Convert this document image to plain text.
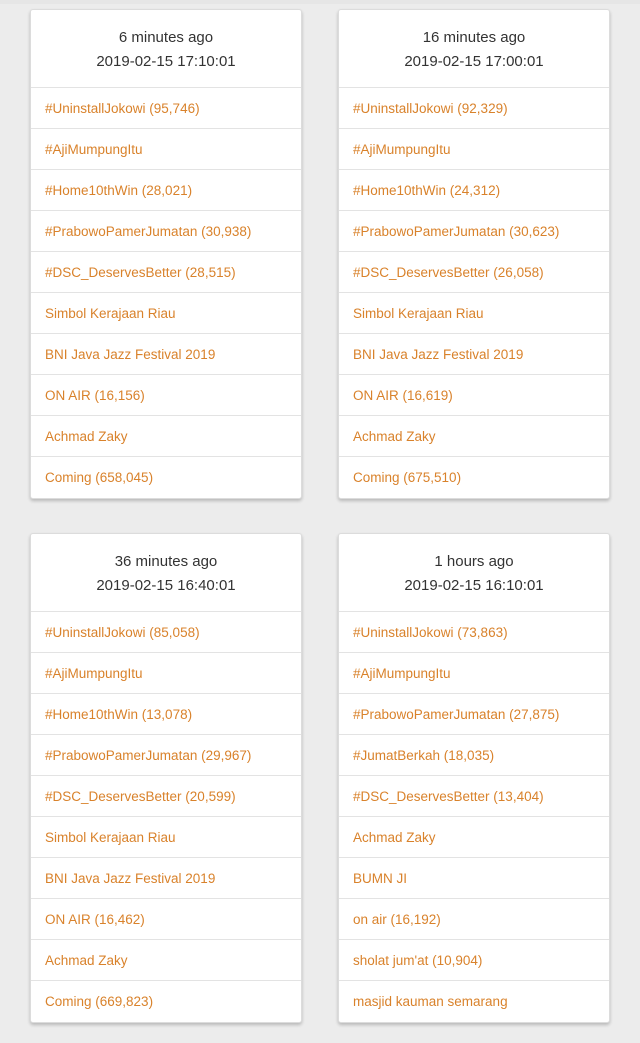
6 minutes ago
2019-02-15 17:10:01
#UninstallJokowi (95,746)
#AjiMumpungItu
#Home10thWin (28,021)
#PrabowoPamerJumatan (30,938)
#DSC_DeservesBetter (28,515)
Simbol Kerajaan Riau
BNI Java Jazz Festival 2019
ON AIR (16,156)
Achmad Zaky
Coming (658,045)
16 minutes ago
2019-02-15 17:00:01
#UninstallJokowi (92,329)
#AjiMumpungItu
#Home10thWin (24,312)
#PrabowoPamerJumatan (30,623)
#DSC_DeservesBetter (26,058)
Simbol Kerajaan Riau
BNI Java Jazz Festival 2019
ON AIR (16,619)
Achmad Zaky
Coming (675,510)
36 minutes ago
2019-02-15 16:40:01
#UninstallJokowi (85,058)
#AjiMumpungItu
#Home10thWin (13,078)
#PrabowoPamerJumatan (29,967)
#DSC_DeservesBetter (20,599)
Simbol Kerajaan Riau
BNI Java Jazz Festival 2019
ON AIR (16,462)
Achmad Zaky
Coming (669,823)
1 hours ago
2019-02-15 16:10:01
#UninstallJokowi (73,863)
#AjiMumpungItu
#PrabowoPamerJumatan (27,875)
#JumatBerkah (18,035)
#DSC_DeservesBetter (13,404)
Achmad Zaky
BUMN JI
on air (16,192)
sholat jum'at (10,904)
masjid kauman semarang
